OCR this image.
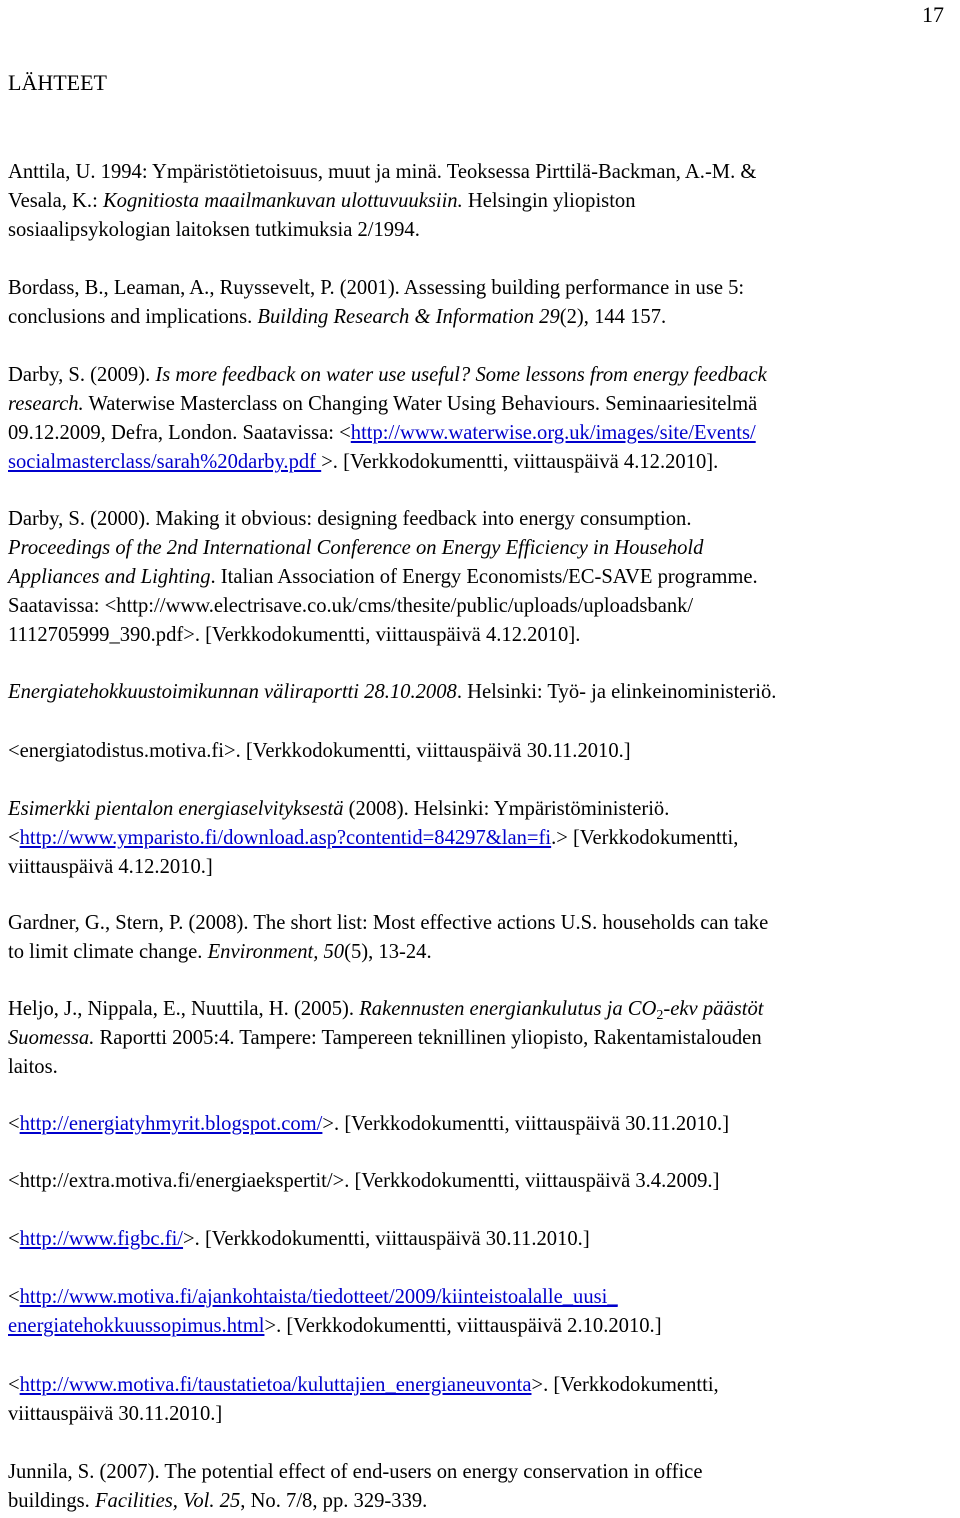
17
LÄHTEET
Anttila, U. 1994: Ympäristötietoisuus, muut ja minä. Teoksessa Pirttilä-Backman, A.-M. &
Vesala, K.: Kognitiosta maailmankuvan ulottuvuuksiin. Helsingin yliopiston
sosiaalipsykologian laitoksen tutkimuksia 2/1994.
Bordass, B., Leaman, A., Ruyssevelt, P. (2001). Assessing building performance in use 5:
conclusions and implications. Building Research & Information 29(2), 144 157.
Darby, S. (2009). Is more feedback on water use useful? Some lessons from energy feedback
research. Waterwise Masterclass on Changing Water Using Behaviours. Seminaariesitelmä
09.12.2009, Defra, London. Saatavissa: <http://www.waterwise.org.uk/images/site/Events/
socialmasterclass/sarah%20darby.pdf >. [Verkkodokumentti, viittauspäivä 4.12.2010].
Darby, S. (2000). Making it obvious: designing feedback into energy consumption.
Proceedings of the 2nd International Conference on Energy Efficiency in Household
Appliances and Lighting. Italian Association of Energy Economists/EC-SAVE programme.
Saatavissa: <http://www.electrisave.co.uk/cms/thesite/public/uploads/uploadsbank/
1112705999_390.pdf>. [Verkkodokumentti, viittauspäivä 4.12.2010].
Energiatehokkuustoimikunnan väliraportti 28.10.2008. Helsinki: Työ- ja elinkeinoministeriö.
<energiatodistus.motiva.fi>. [Verkkodokumentti, viittauspäivä 30.11.2010.]
Esimerkki pientalon energiaselvityksestä (2008). Helsinki: Ympäristöministeriö.
<http://www.ymparisto.fi/download.asp?contentid=84297&lan=fi.> [Verkkodokumentti,
viittauspäivä 4.12.2010.]
Gardner, G., Stern, P. (2008). The short list: Most effective actions U.S. households can take
to limit climate change. Environment, 50(5), 13-24.
Heljo, J., Nippala, E., Nuuttila, H. (2005). Rakennusten energiankulutus ja $CO_2$-ekv päästöt
Suomessa. Raportti 2005:4. Tampere: Tampereen teknillinen yliopisto, Rakentamistalouden
laitos.
<http://energiatyhmyrit.blogspot.com/>. [Verkkodokumentti, viittauspäivä 30.11.2010.]
<http://extra.motiva.fi/energiaekspertit/>. [Verkkodokumentti, viittauspäivä 3.4.2009.]
<http://www.figbc.fi/>. [Verkkodokumentti, viittauspäivä 30.11.2010.]
<http://www.motiva.fi/ajankohtaista/tiedotteet/2009/kiinteistoalalle_uusi_
energiatehokkuussopimus.html>. [Verkkodokumentti, viittauspäivä 2.10.2010.]
<http://www.motiva.fi/taustatietoa/kuluttajien_energianeuvonta>. [Verkkodokumentti,
viittauspäivä 30.11.2010.]
Junnila, S. (2007). The potential effect of end-users on energy conservation in office
buildings. Facilities, Vol. 25, No. 7/8, pp. 329-339.
